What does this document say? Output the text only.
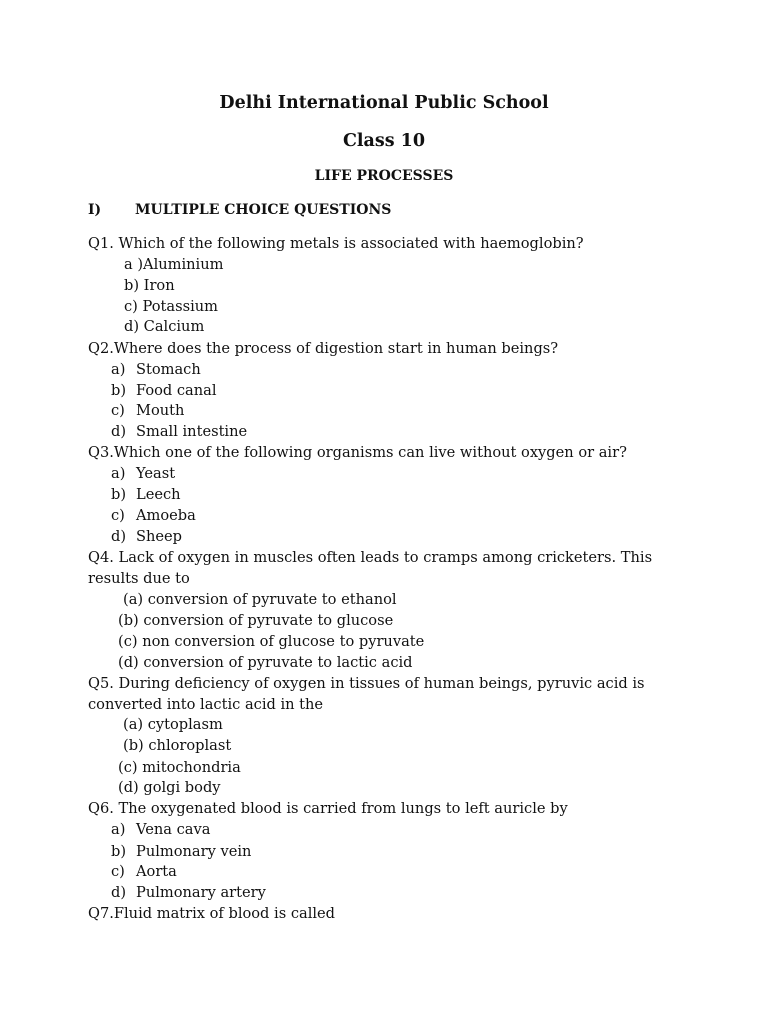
Delhi International Public School
Class 10
LIFE PROCESSES
I) MULTIPLE CHOICE QUESTIONS
Q1. Which of the following metals is associated with haemoglobin?
a )Aluminium
b) Iron
c) Potassium
d) Calcium
Q2.Where does the process of digestion start in human beings?
a) Stomach
b) Food canal
c) Mouth
d) Small intestine
Q3.Which one of the following organisms can live without oxygen or air?
a) Yeast
b) Leech
c) Amoeba
d) Sheep
Q4. Lack of oxygen in muscles often leads to cramps among cricketers. This
results due to
(a) conversion of pyruvate to ethanol
(b) conversion of pyruvate to glucose
(c) non conversion of glucose to pyruvate
(d) conversion of pyruvate to lactic acid
Q5. During deficiency of oxygen in tissues of human beings, pyruvic acid is
converted into lactic acid in the
(a) cytoplasm
(b) chloroplast
(c) mitochondria
(d) golgi body
Q6. The oxygenated blood is carried from lungs to left auricle by
a) Vena cava
b) Pulmonary vein
c) Aorta
d) Pulmonary artery
Q7.Fluid matrix of blood is called
